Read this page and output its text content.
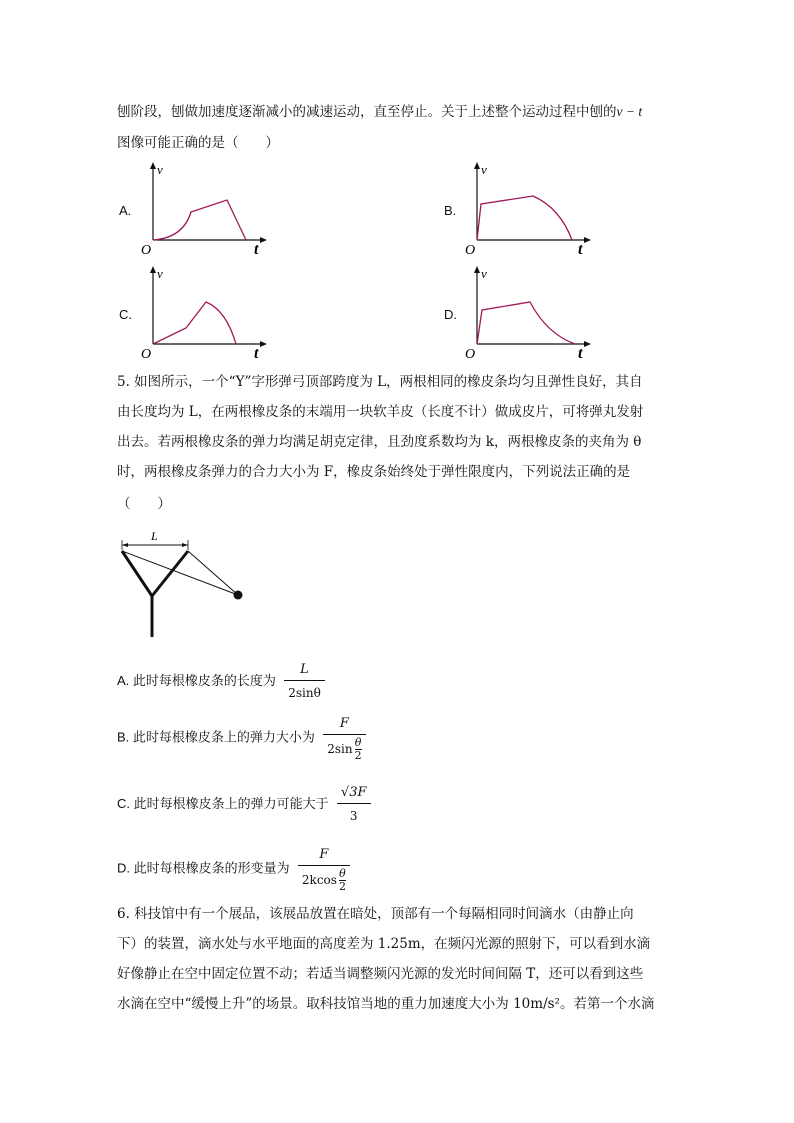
刨阶段，刨做加速度逐渐减小的减速运动，直至停止。关于上述整个运动过程中刨的v − t
图像可能正确的是（　　）
A.	B.
C.	D.
v
t
O
v
t
O
v
t
O
v
t
O
5. 如图所示，一个“Y”字形弹弓顶部跨度为 L，两根相同的橡皮条均匀且弹性良好，其自
由长度均为 L，在两根橡皮条的末端用一块软羊皮（长度不计）做成皮片，可将弹丸发射
出去。若两根橡皮条的弹力均满足胡克定律，且劲度系数均为 k，两根橡皮条的夹角为 θ
时，两根橡皮条弹力的合力大小为 F，橡皮条始终处于弹性限度内，下列说法正确的是
（　　）
L
A. 此时每根橡皮条的长度为 $\frac{L}{2\sin\theta}$
B. 此时每根橡皮条上的弹力大小为 $\frac{F}{2\sin \frac{\theta}{2}}$
C. 此时每根橡皮条上的弹力可能大于 $\frac{√3F}{3}$
D. 此时每根橡皮条的形变量为 $\frac{F}{2kcos \frac{\theta}{2}}$
6. 科技馆中有一个展品，该展品放置在暗处，顶部有一个每隔相同时间滴水（由静止向
下）的装置，滴水处与水平地面的高度差为 1.25m，在频闪光源的照射下，可以看到水滴
好像静止在空中固定位置不动；若适当调整频闪光源的发光时间间隔 T，还可以看到这些
水滴在空中“缓慢上升”的场景。取科技馆当地的重力加速度大小为 10m/s²。若第一个水滴
